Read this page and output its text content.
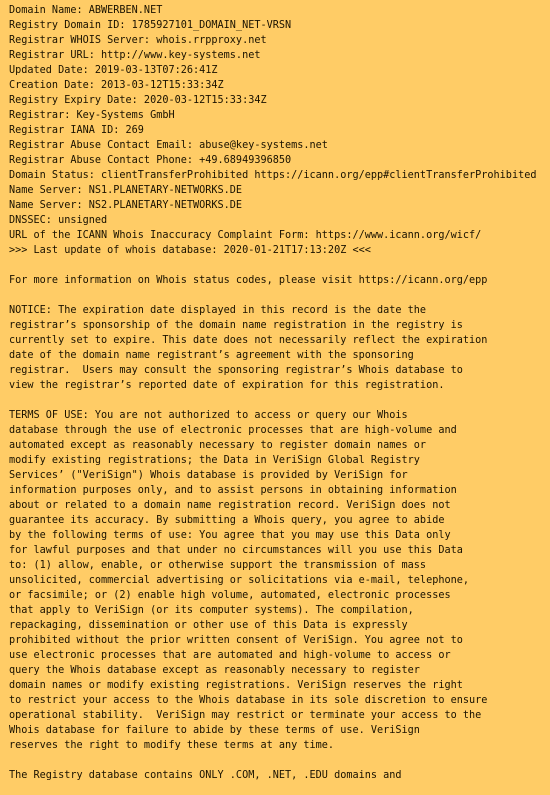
Domain Name: ABWERBEN.NET
Registry Domain ID: 1785927101_DOMAIN_NET-VRSN
Registrar WHOIS Server: whois.rrpproxy.net
Registrar URL: http://www.key-systems.net
Updated Date: 2019-03-13T07:26:41Z
Creation Date: 2013-03-12T15:33:34Z
Registry Expiry Date: 2020-03-12T15:33:34Z
Registrar: Key-Systems GmbH
Registrar IANA ID: 269
Registrar Abuse Contact Email: abuse@key-systems.net
Registrar Abuse Contact Phone: +49.68949396850
Domain Status: clientTransferProhibited https://icann.org/epp#clientTransferProhibited
Name Server: NS1.PLANETARY-NETWORKS.DE
Name Server: NS2.PLANETARY-NETWORKS.DE
DNSSEC: unsigned
URL of the ICANN Whois Inaccuracy Complaint Form: https://www.icann.org/wicf/
>>> Last update of whois database: 2020-01-21T17:13:20Z <<<
For more information on Whois status codes, please visit https://icann.org/epp
NOTICE: The expiration date displayed in this record is the date the
registrar’s sponsorship of the domain name registration in the registry is
currently set to expire. This date does not necessarily reflect the expiration
date of the domain name registrant’s agreement with the sponsoring
registrar.  Users may consult the sponsoring registrar’s Whois database to
view the registrar’s reported date of expiration for this registration.
TERMS OF USE: You are not authorized to access or query our Whois
database through the use of electronic processes that are high-volume and
automated except as reasonably necessary to register domain names or
modify existing registrations; the Data in VeriSign Global Registry
Services’ ("VeriSign") Whois database is provided by VeriSign for
information purposes only, and to assist persons in obtaining information
about or related to a domain name registration record. VeriSign does not
guarantee its accuracy. By submitting a Whois query, you agree to abide
by the following terms of use: You agree that you may use this Data only
for lawful purposes and that under no circumstances will you use this Data
to: (1) allow, enable, or otherwise support the transmission of mass
unsolicited, commercial advertising or solicitations via e-mail, telephone,
or facsimile; or (2) enable high volume, automated, electronic processes
that apply to VeriSign (or its computer systems). The compilation,
repackaging, dissemination or other use of this Data is expressly
prohibited without the prior written consent of VeriSign. You agree not to
use electronic processes that are automated and high-volume to access or
query the Whois database except as reasonably necessary to register
domain names or modify existing registrations. VeriSign reserves the right
to restrict your access to the Whois database in its sole discretion to ensure
operational stability.  VeriSign may restrict or terminate your access to the
Whois database for failure to abide by these terms of use. VeriSign
reserves the right to modify these terms at any time.
The Registry database contains ONLY .COM, .NET, .EDU domains and
